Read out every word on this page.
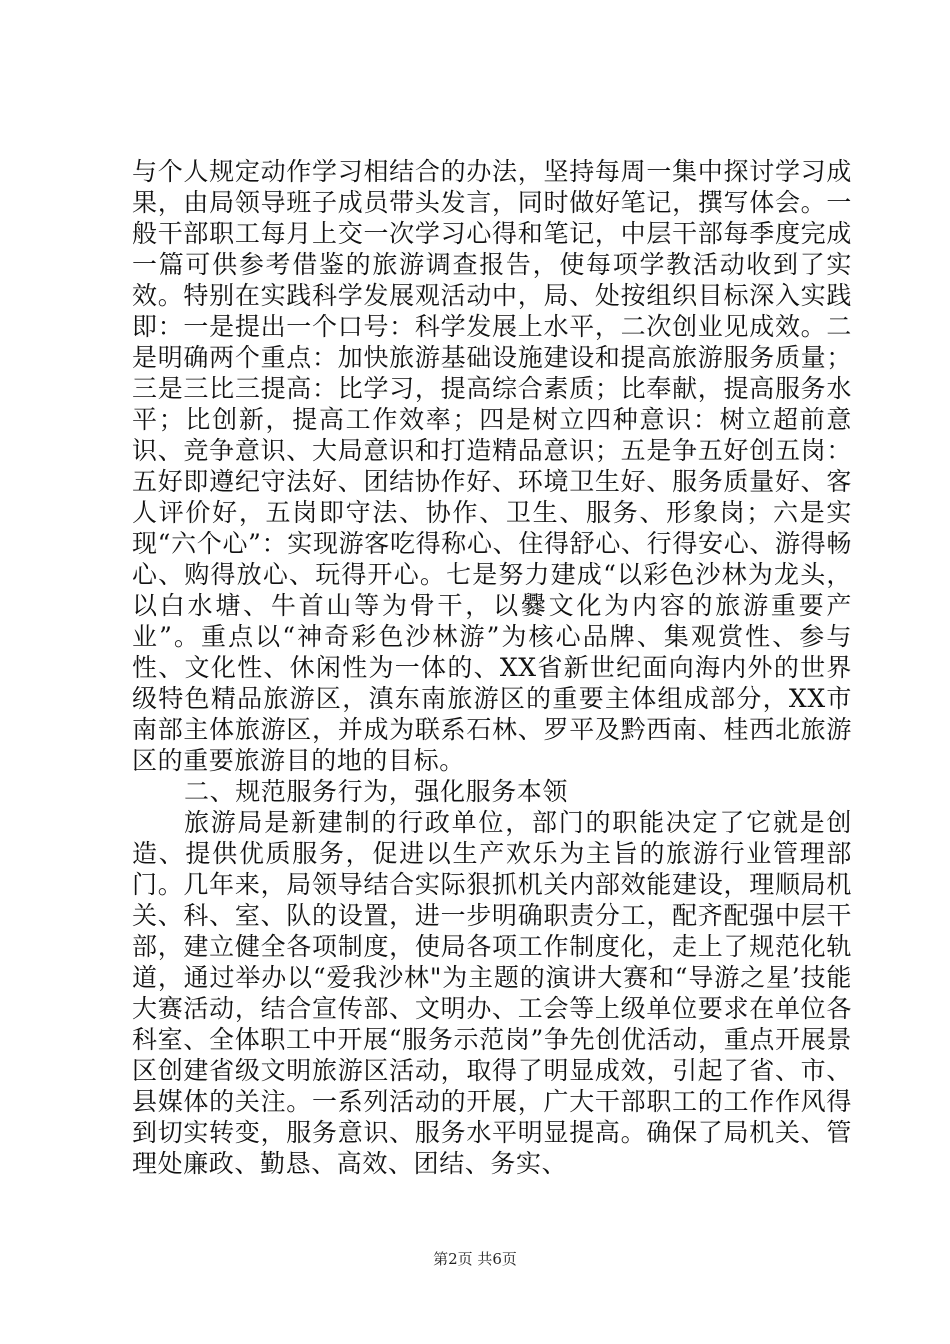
与个人规定动作学习相结合的办法，坚持每周一集中探讨学习成果，由局领导班子成员带头发言，同时做好笔记，撰写体会。一般干部职工每月上交一次学习心得和笔记，中层干部每季度完成一篇可供参考借鉴的旅游调查报告，使每项学教活动收到了实效。特别在实践科学发展观活动中，局、处按组织目标深入实践即：一是提出一个口号：科学发展上水平，二次创业见成效。二是明确两个重点：加快旅游基础设施建设和提高旅游服务质量；三是三比三提高：比学习，提高综合素质；比奉献，提高服务水平；比创新，提高工作效率；四是树立四种意识：树立超前意识、竞争意识、大局意识和打造精品意识；五是争五好创五岗：五好即遵纪守法好、团结协作好、环境卫生好、服务质量好、客人评价好，五岗即守法、协作、卫生、服务、形象岗；六是实现“六个心”：实现游客吃得称心、住得舒心、行得安心、游得畅心、购得放心、玩得开心。七是努力建成“以彩色沙林为龙头，以白水塘、牛首山等为骨干，以爨文化为内容的旅游重要产业”。重点以“神奇彩色沙林游”为核心品牌、集观赏性、参与性、文化性、休闲性为一体的、XX省新世纪面向海内外的世界级特色精品旅游区，滇东南旅游区的重要主体组成部分，XX市南部主体旅游区，并成为联系石林、罗平及黔西南、桂西北旅游区的重要旅游目的地的目标。

二、规范服务行为，强化服务本领

旅游局是新建制的行政单位，部门的职能决定了它就是创造、提供优质服务，促进以生产欢乐为主旨的旅游行业管理部门。几年来，局领导结合实际狠抓机关内部效能建设，理顺局机关、科、室、队的设置，进一步明确职责分工，配齐配强中层干部，建立健全各项制度，使局各项工作制度化，走上了规范化轨道，通过举办以“爱我沙林"为主题的演讲大赛和“导游之星’技能大赛活动，结合宣传部、文明办、工会等上级单位要求在单位各科室、全体职工中开展“服务示范岗”争先创优活动，重点开展景区创建省级文明旅游区活动，取得了明显成效，引起了省、市、县媒体的关注。一系列活动的开展，广大干部职工的工作作风得到切实转变，服务意识、服务水平明显提高。确保了局机关、管理处廉政、勤恳、高效、团结、务实、

第2页 共6页
